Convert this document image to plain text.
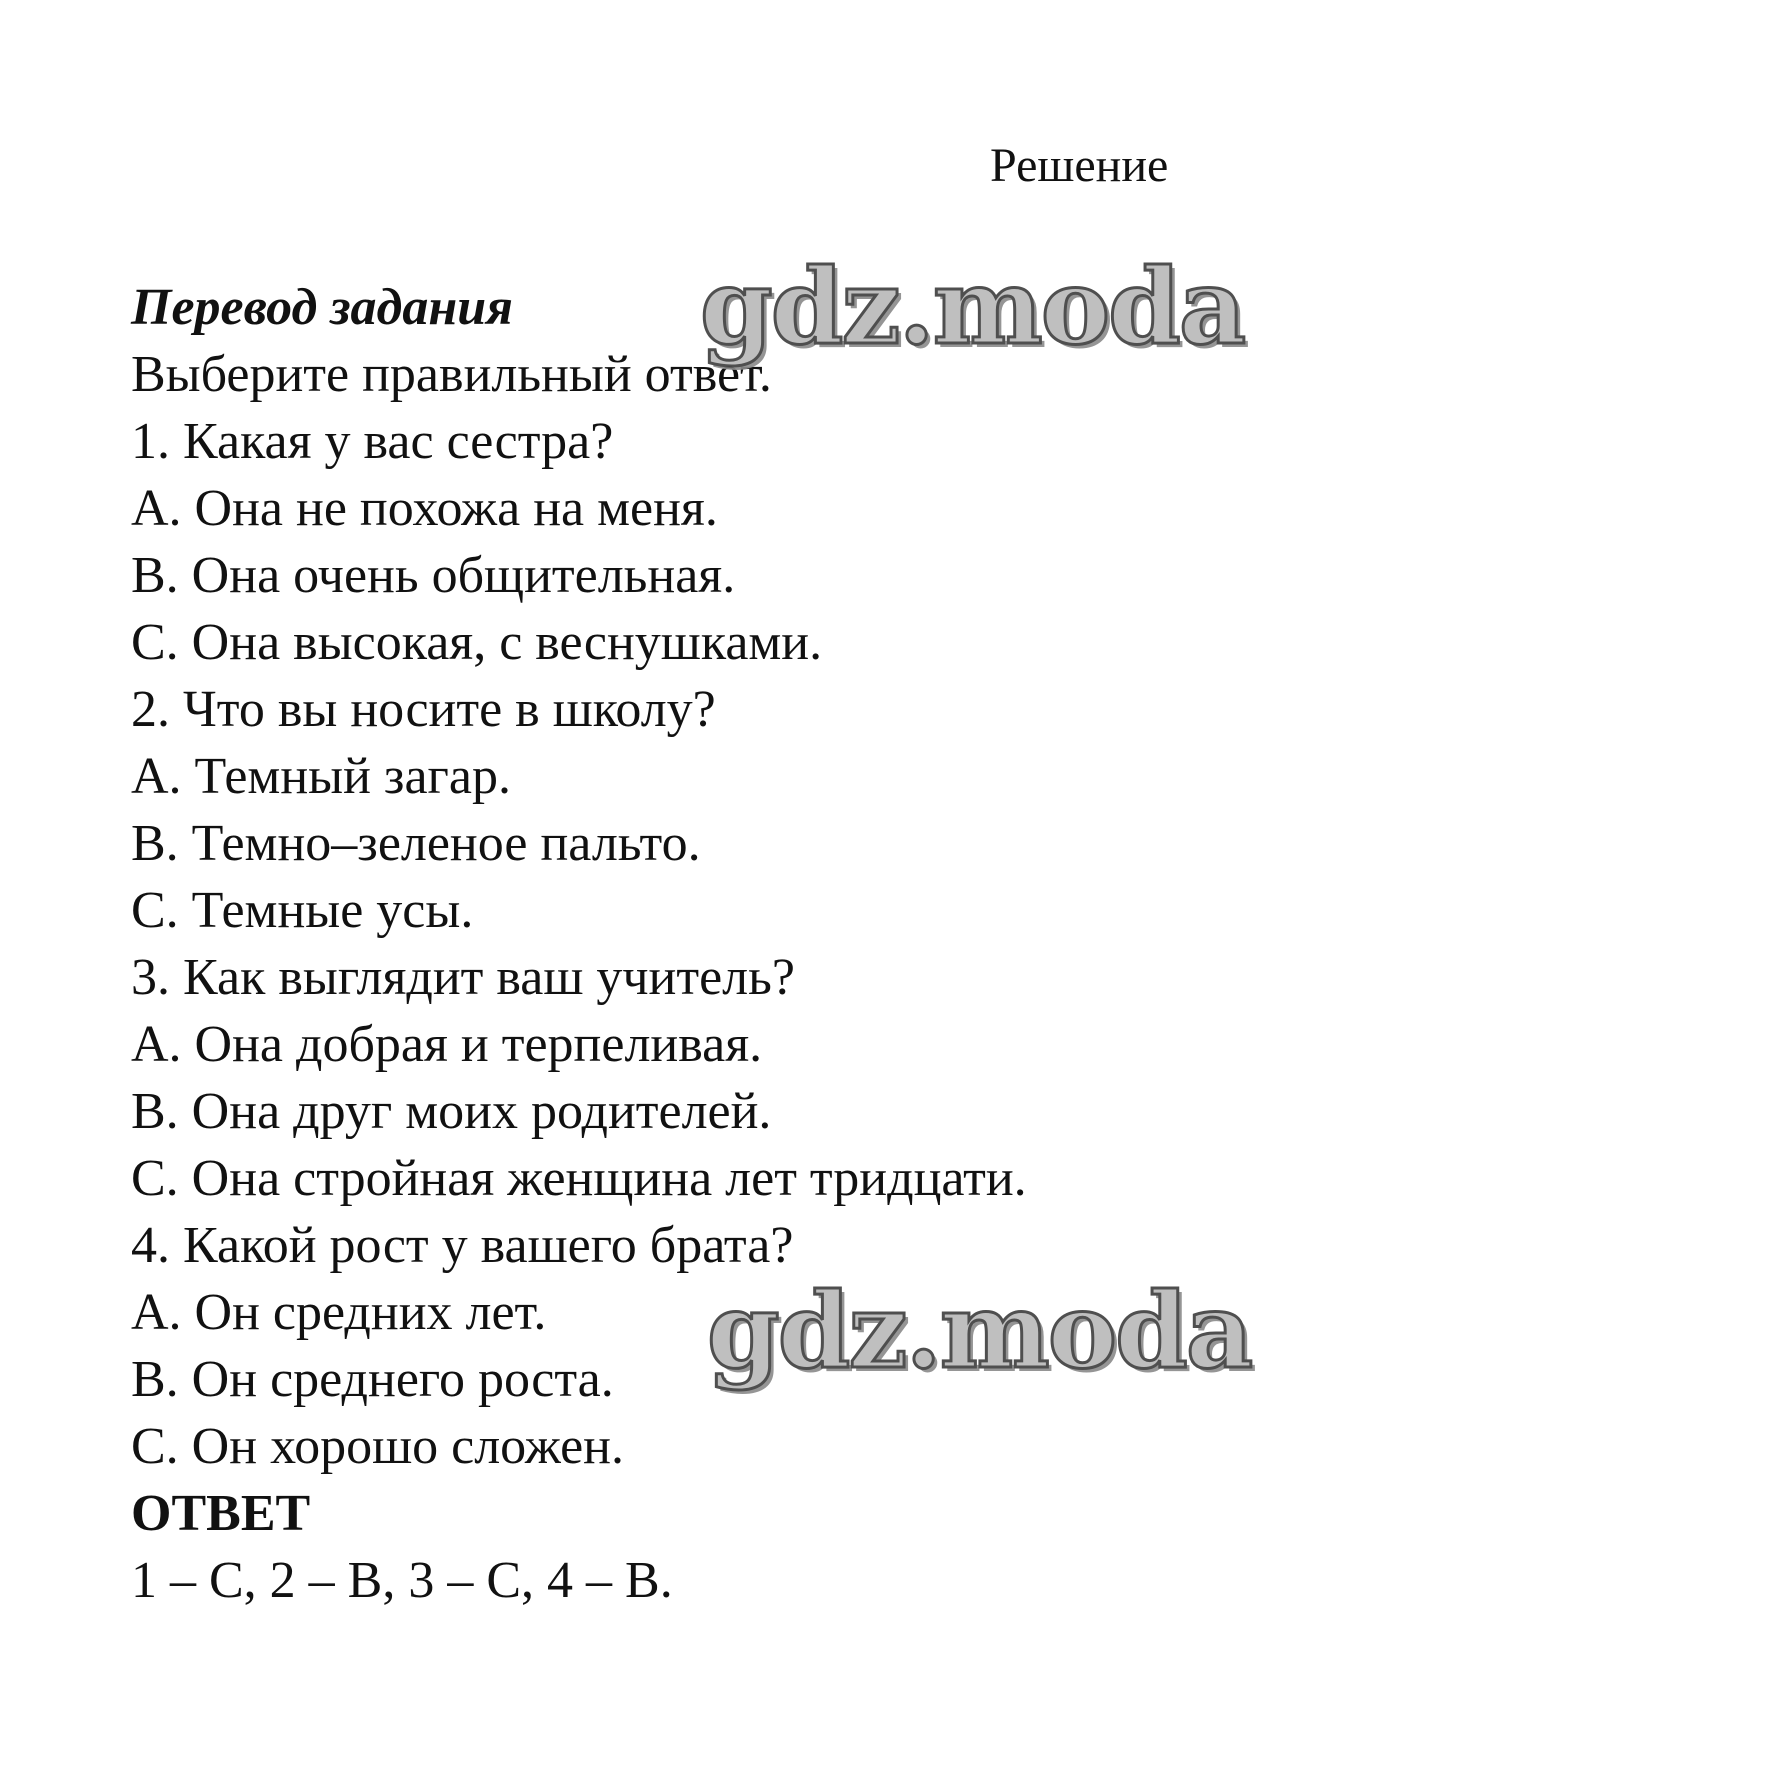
Решение
Перевод задания
Выберите правильный ответ.
1. Какая у вас сестра?
A. Она не похожа на меня.
B. Она очень общительная.
C. Она высокая, с веснушками.
2. Что вы носите в школу?
A. Темный загар.
B. Темно–зеленое пальто.
C. Темные усы.
3. Как выглядит ваш учитель?
A. Она добрая и терпеливая.
B. Она друг моих родителей.
C. Она стройная женщина лет тридцати.
4. Какой рост у вашего брата?
A. Он средних лет.
B. Он среднего роста.
C. Он хорошо сложен.
ОТВЕТ
1 – C, 2 – B, 3 – C, 4 – B.
gdz.moda
gdz.moda
